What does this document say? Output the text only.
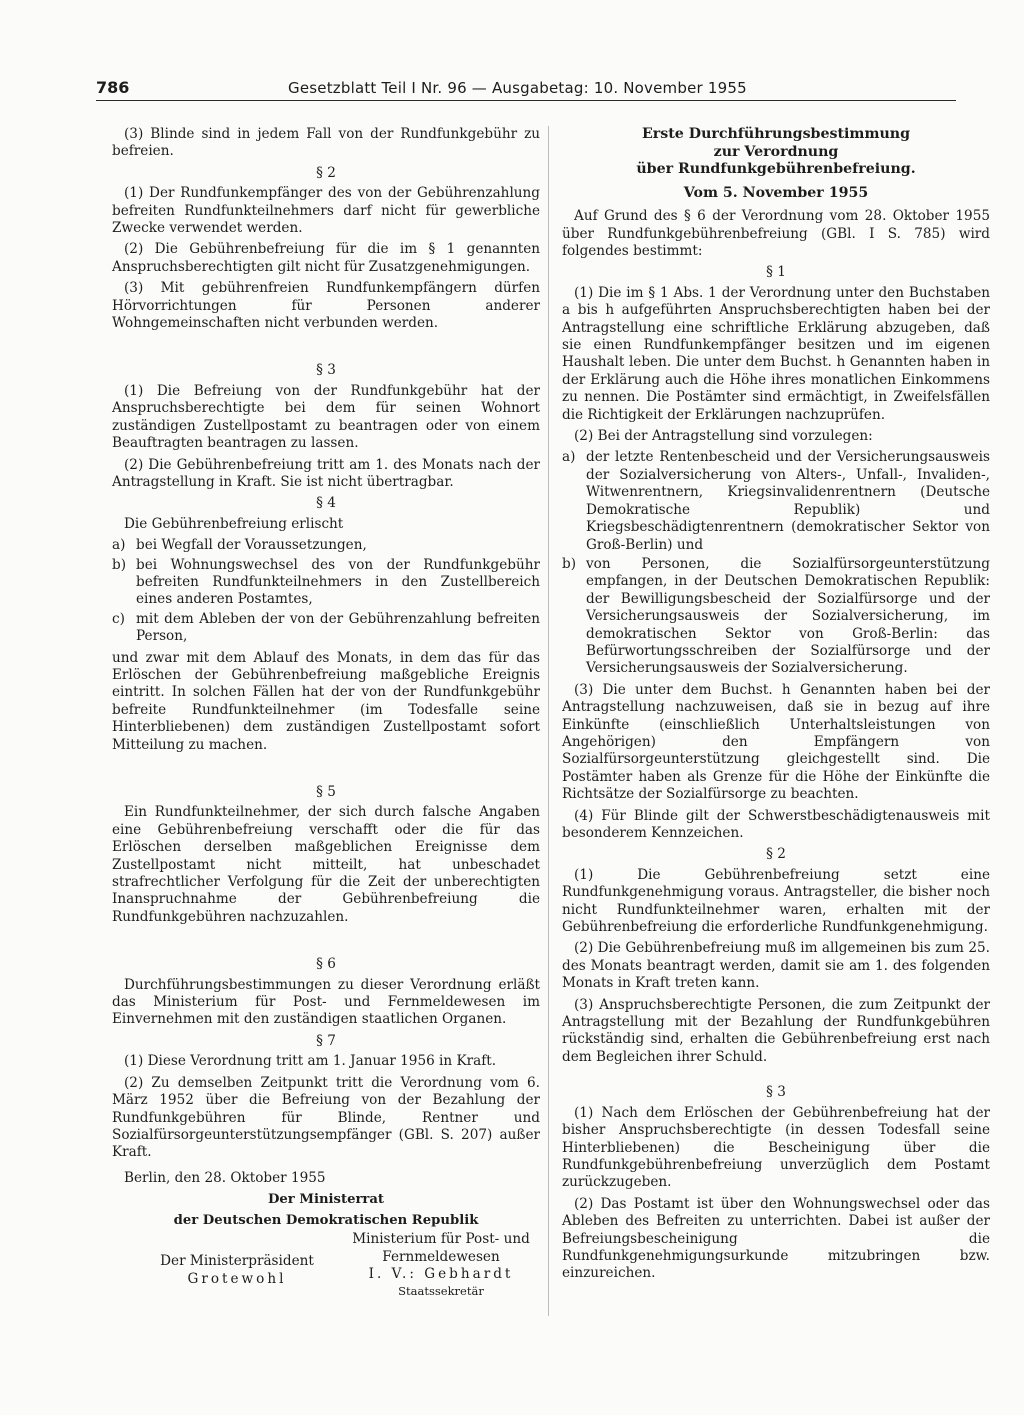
786	Gesetzblatt Teil I Nr. 96 — Ausgabetag: 10. November 1955

(3) Blinde sind in jedem Fall von der Rundfunkgebühr zu befreien.

§ 2

(1) Der Rundfunkempfänger des von der Gebührenzahlung befreiten Rundfunkteilnehmers darf nicht für gewerbliche Zwecke verwendet werden.

(2) Die Gebührenbefreiung für die im § 1 genannten Anspruchsberechtigten gilt nicht für Zusatzgenehmigungen.

(3) Mit gebührenfreien Rundfunkempfängern dürfen Hörvorrichtungen für Personen anderer Wohngemeinschaften nicht verbunden werden.

§ 3

(1) Die Befreiung von der Rundfunkgebühr hat der Anspruchsberechtigte bei dem für seinen Wohnort zuständigen Zustellpostamt zu beantragen oder von einem Beauftragten beantragen zu lassen.

(2) Die Gebührenbefreiung tritt am 1. des Monats nach der Antragstellung in Kraft. Sie ist nicht übertragbar.

§ 4

Die Gebührenbefreiung erlischt

a) bei Wegfall der Voraussetzungen,
b) bei Wohnungswechsel des von der Rundfunkgebühr befreiten Rundfunkteilnehmers in den Zustellbereich eines anderen Postamtes,
c) mit dem Ableben der von der Gebührenzahlung befreiten Person,

und zwar mit dem Ablauf des Monats, in dem das für das Erlöschen der Gebührenbefreiung maßgebliche Ereignis eintritt. In solchen Fällen hat der von der Rundfunkgebühr befreite Rundfunkteilnehmer (im Todesfalle seine Hinterbliebenen) dem zuständigen Zustellpostamt sofort Mitteilung zu machen.

§ 5

Ein Rundfunkteilnehmer, der sich durch falsche Angaben eine Gebührenbefreiung verschafft oder die für das Erlöschen derselben maßgeblichen Ereignisse dem Zustellpostamt nicht mitteilt, hat unbeschadet strafrechtlicher Verfolgung für die Zeit der unberechtigten Inanspruchnahme der Gebührenbefreiung die Rundfunkgebühren nachzuzahlen.

§ 6

Durchführungsbestimmungen zu dieser Verordnung erläßt das Ministerium für Post- und Fernmeldewesen im Einvernehmen mit den zuständigen staatlichen Organen.

§ 7

(1) Diese Verordnung tritt am 1. Januar 1956 in Kraft.

(2) Zu demselben Zeitpunkt tritt die Verordnung vom 6. März 1952 über die Befreiung von der Bezahlung der Rundfunkgebühren für Blinde, Rentner und Sozialfürsorgeunterstützungsempfänger (GBl. S. 207) außer Kraft.

Berlin, den 28. Oktober 1955

Der Ministerrat
der Deutschen Demokratischen Republik
Der Ministerpräsident
Grotewohl
Ministerium für Post- und Fernmeldewesen
I. V.: Gebhardt
Staatssekretär
Erste Durchführungsbestimmung
zur Verordnung
über Rundfunkgebührenbefreiung.
Vom 5. November 1955

Auf Grund des § 6 der Verordnung vom 28. Oktober 1955 über Rundfunkgebührenbefreiung (GBl. I S. 785) wird folgendes bestimmt:

§ 1

(1) Die im § 1 Abs. 1 der Verordnung unter den Buchstaben a bis h aufgeführten Anspruchsberechtigten haben bei der Antragstellung eine schriftliche Erklärung abzugeben, daß sie einen Rundfunkempfänger besitzen und im eigenen Haushalt leben. Die unter dem Buchst. h Genannten haben in der Erklärung auch die Höhe ihres monatlichen Einkommens zu nennen. Die Postämter sind ermächtigt, in Zweifelsfällen die Richtigkeit der Erklärungen nachzuprüfen.

(2) Bei der Antragstellung sind vorzulegen:

a) der letzte Rentenbescheid und der Versicherungsausweis der Sozialversicherung von Alters-, Unfall-, Invaliden-, Witwenrentnern, Kriegsinvalidenrentnern (Deutsche Demokratische Republik) und Kriegsbeschädigtenrentnern (demokratischer Sektor von Groß-Berlin) und
b) von Personen, die Sozialfürsorgeunterstützung empfangen, in der Deutschen Demokratischen Republik: der Bewilligungsbescheid der Sozialfürsorge und der Versicherungsausweis der Sozialversicherung, im demokratischen Sektor von Groß-Berlin: das Befürwortungsschreiben der Sozialfürsorge und der Versicherungsausweis der Sozialversicherung.

(3) Die unter dem Buchst. h Genannten haben bei der Antragstellung nachzuweisen, daß sie in bezug auf ihre Einkünfte (einschließlich Unterhaltsleistungen von Angehörigen) den Empfängern von Sozialfürsorgeunterstützung gleichgestellt sind. Die Postämter haben als Grenze für die Höhe der Einkünfte die Richtsätze der Sozialfürsorge zu beachten.

(4) Für Blinde gilt der Schwerstbeschädigtenausweis mit besonderem Kennzeichen.

§ 2

(1) Die Gebührenbefreiung setzt eine Rundfunkgenehmigung voraus. Antragsteller, die bisher noch nicht Rundfunkteilnehmer waren, erhalten mit der Gebührenbefreiung die erforderliche Rundfunkgenehmigung.

(2) Die Gebührenbefreiung muß im allgemeinen bis zum 25. des Monats beantragt werden, damit sie am 1. des folgenden Monats in Kraft treten kann.

(3) Anspruchsberechtigte Personen, die zum Zeitpunkt der Antragstellung mit der Bezahlung der Rundfunkgebühren rückständig sind, erhalten die Gebührenbefreiung erst nach dem Begleichen ihrer Schuld.

§ 3

(1) Nach dem Erlöschen der Gebührenbefreiung hat der bisher Anspruchsberechtigte (in dessen Todesfall seine Hinterbliebenen) die Bescheinigung über die Rundfunkgebührenbefreiung unverzüglich dem Postamt zurückzugeben.

(2) Das Postamt ist über den Wohnungswechsel oder das Ableben des Befreiten zu unterrichten. Dabei ist außer der Befreiungsbescheinigung die Rundfunkgenehmigungsurkunde mitzubringen bzw. einzureichen.
